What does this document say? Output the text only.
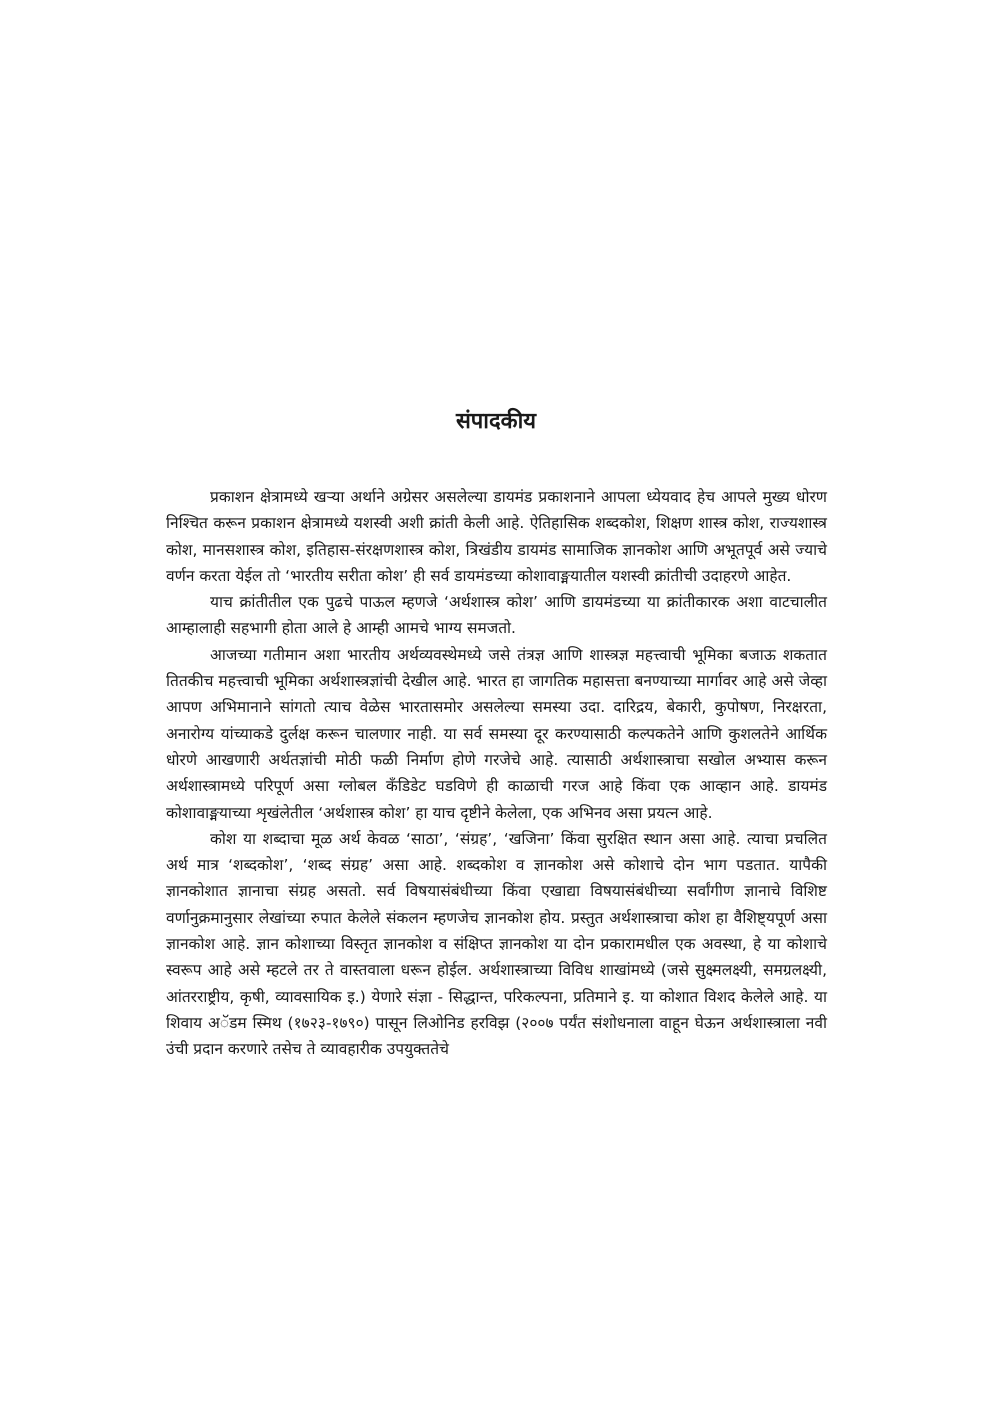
संपादकीय

प्रकाशन क्षेत्रामध्ये खऱ्या अर्थाने अग्रेसर असलेल्या डायमंड प्रकाशनाने आपला ध्येयवाद हेच आपले मुख्य धोरण निश्चित करून प्रकाशन क्षेत्रामध्ये यशस्वी अशी क्रांती केली आहे. ऐतिहासिक शब्दकोश, शिक्षण शास्त्र कोश, राज्यशास्त्र कोश, मानसशास्त्र कोश, इतिहास-संरक्षणशास्त्र कोश, त्रिखंडीय डायमंड सामाजिक ज्ञानकोश आणि अभूतपूर्व असे ज्याचे वर्णन करता येईल तो ‘भारतीय सरीता कोश’ ही सर्व डायमंडच्या कोशावाङ्मयातील यशस्वी क्रांतीची उदाहरणे आहेत.

याच क्रांतीतील एक पुढचे पाऊल म्हणजे ‘अर्थशास्त्र कोश’ आणि डायमंडच्या या क्रांतीकारक अशा वाटचालीत आम्हालाही सहभागी होता आले हे आम्ही आमचे भाग्य समजतो.

आजच्या गतीमान अशा भारतीय अर्थव्यवस्थेमध्ये जसे तंत्रज्ञ आणि शास्त्रज्ञ महत्त्वाची भूमिका बजाऊ शकतात तितकीच महत्त्वाची भूमिका अर्थशास्त्रज्ञांची देखील आहे. भारत हा जागतिक महासत्ता बनण्याच्या मार्गावर आहे असे जेव्हा आपण अभिमानाने सांगतो त्याच वेळेस भारतासमोर असलेल्या समस्या उदा. दारिद्रय, बेकारी, कुपोषण, निरक्षरता, अनारोग्य यांच्याकडे दुर्लक्ष करून चालणार नाही. या सर्व समस्या दूर करण्यासाठी कल्पकतेने आणि कुशलतेने आर्थिक धोरणे आखणारी अर्थतज्ञांची मोठी फळी निर्माण होणे गरजेचे आहे. त्यासाठी अर्थशास्त्राचा सखोल अभ्यास करून अर्थशास्त्रामध्ये परिपूर्ण असा ग्लोबल कँडिडेट घडविणे ही काळाची गरज आहे किंवा एक आव्हान आहे. डायमंड कोशावाङ्मयाच्या शृखंलेतील ‘अर्थशास्त्र कोश’ हा याच दृष्टीने केलेला, एक अभिनव असा प्रयत्न आहे.

कोश या शब्दाचा मूळ अर्थ केवळ ‘साठा’, ‘संग्रह’, ‘खजिना’ किंवा सुरक्षित स्थान असा आहे. त्याचा प्रचलित अर्थ मात्र ‘शब्दकोश’, ‘शब्द संग्रह’ असा आहे. शब्दकोश व ज्ञानकोश असे कोशाचे दोन भाग पडतात. यापैकी ज्ञानकोशात ज्ञानाचा संग्रह असतो. सर्व विषयासंबंधीच्या किंवा एखाद्या विषयासंबंधीच्या सर्वांगीण ज्ञानाचे विशिष्ट वर्णानुक्रमानुसार लेखांच्या रुपात केलेले संकलन म्हणजेच ज्ञानकोश होय. प्रस्तुत अर्थशास्त्राचा कोश हा वैशिष्ट्यपूर्ण असा ज्ञानकोश आहे. ज्ञान कोशाच्या विस्तृत ज्ञानकोश व संक्षिप्त ज्ञानकोश या दोन प्रकारामधील एक अवस्था, हे या कोशाचे स्वरूप आहे असे म्हटले तर ते वास्तवाला धरून होईल. अर्थशास्त्राच्या विविध शाखांमध्ये (जसे सुक्ष्मलक्ष्यी, समग्रलक्ष्यी, आंतरराष्ट्रीय, कृषी, व्यावसायिक इ.) येणारे संज्ञा - सिद्धान्त, परिकल्पना, प्रतिमाने इ. या कोशात विशद केलेले आहे. या शिवाय अॅडम स्मिथ (१७२३-१७९०) पासून लिओनिड हरविझ (२००७ पर्यंत संशोधनाला वाहून घेऊन अर्थशास्त्राला नवी उंची प्रदान करणारे तसेच ते व्यावहारीक उपयुक्ततेचे
